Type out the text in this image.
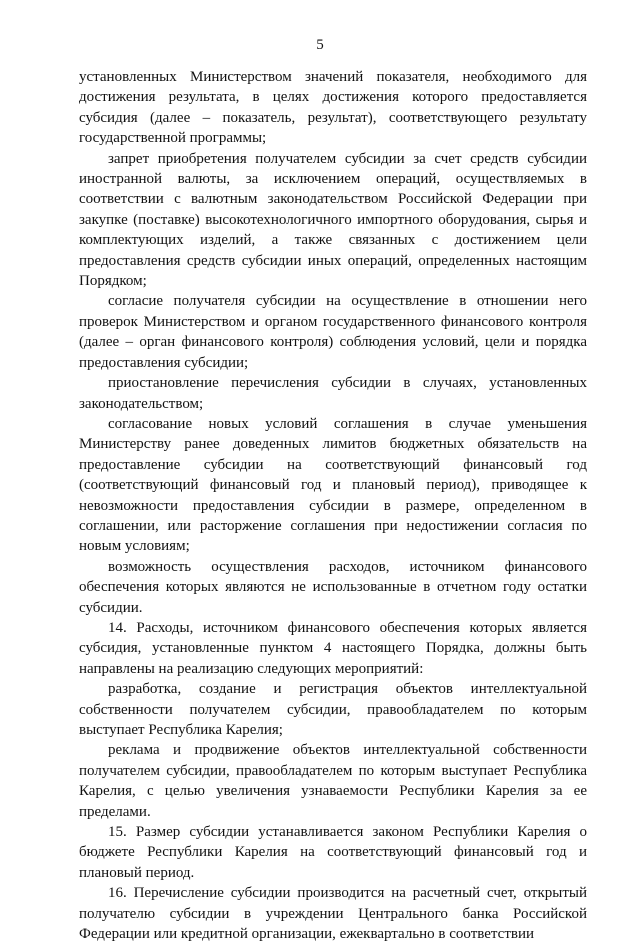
5

установленных Министерством значений показателя, необходимого для достижения результата, в целях достижения которого предоставляется субсидия (далее – показатель, результат), соответствующего результату государственной программы;

запрет приобретения получателем субсидии за счет средств субсидии иностранной валюты, за исключением операций, осуществляемых в соответствии с валютным законодательством Российской Федерации при закупке (поставке) высокотехнологичного импортного оборудования, сырья и комплектующих изделий, а также связанных с достижением цели предоставления средств субсидии иных операций, определенных настоящим Порядком;

согласие получателя субсидии на осуществление в отношении него проверок Министерством и органом государственного финансового контроля (далее – орган финансового контроля) соблюдения условий, цели и порядка предоставления субсидии;

приостановление перечисления субсидии в случаях, установленных законодательством;

согласование новых условий соглашения в случае уменьшения Министерству ранее доведенных лимитов бюджетных обязательств на предоставление субсидии на соответствующий финансовый год (соответствующий финансовый год и плановый период), приводящее к невозможности предоставления субсидии в размере, определенном в соглашении, или расторжение соглашения при недостижении согласия по новым условиям;

возможность осуществления расходов, источником финансового обеспечения которых являются не использованные в отчетном году остатки субсидии.

14. Расходы, источником финансового обеспечения которых является субсидия, установленные пунктом 4 настоящего Порядка, должны быть направлены на реализацию следующих мероприятий:

разработка, создание и регистрация объектов интеллектуальной собственности получателем субсидии, правообладателем по которым выступает Республика Карелия;

реклама и продвижение объектов интеллектуальной собственности получателем субсидии, правообладателем по которым выступает Республика Карелия, с целью увеличения узнаваемости Республики Карелия за ее пределами.

15. Размер субсидии устанавливается законом Республики Карелия о бюджете Республики Карелия на соответствующий финансовый год и плановый период.

16. Перечисление субсидии производится на расчетный счет, открытый получателю субсидии в учреждении Центрального банка Российской Федерации или кредитной организации, ежеквартально в соответствии
